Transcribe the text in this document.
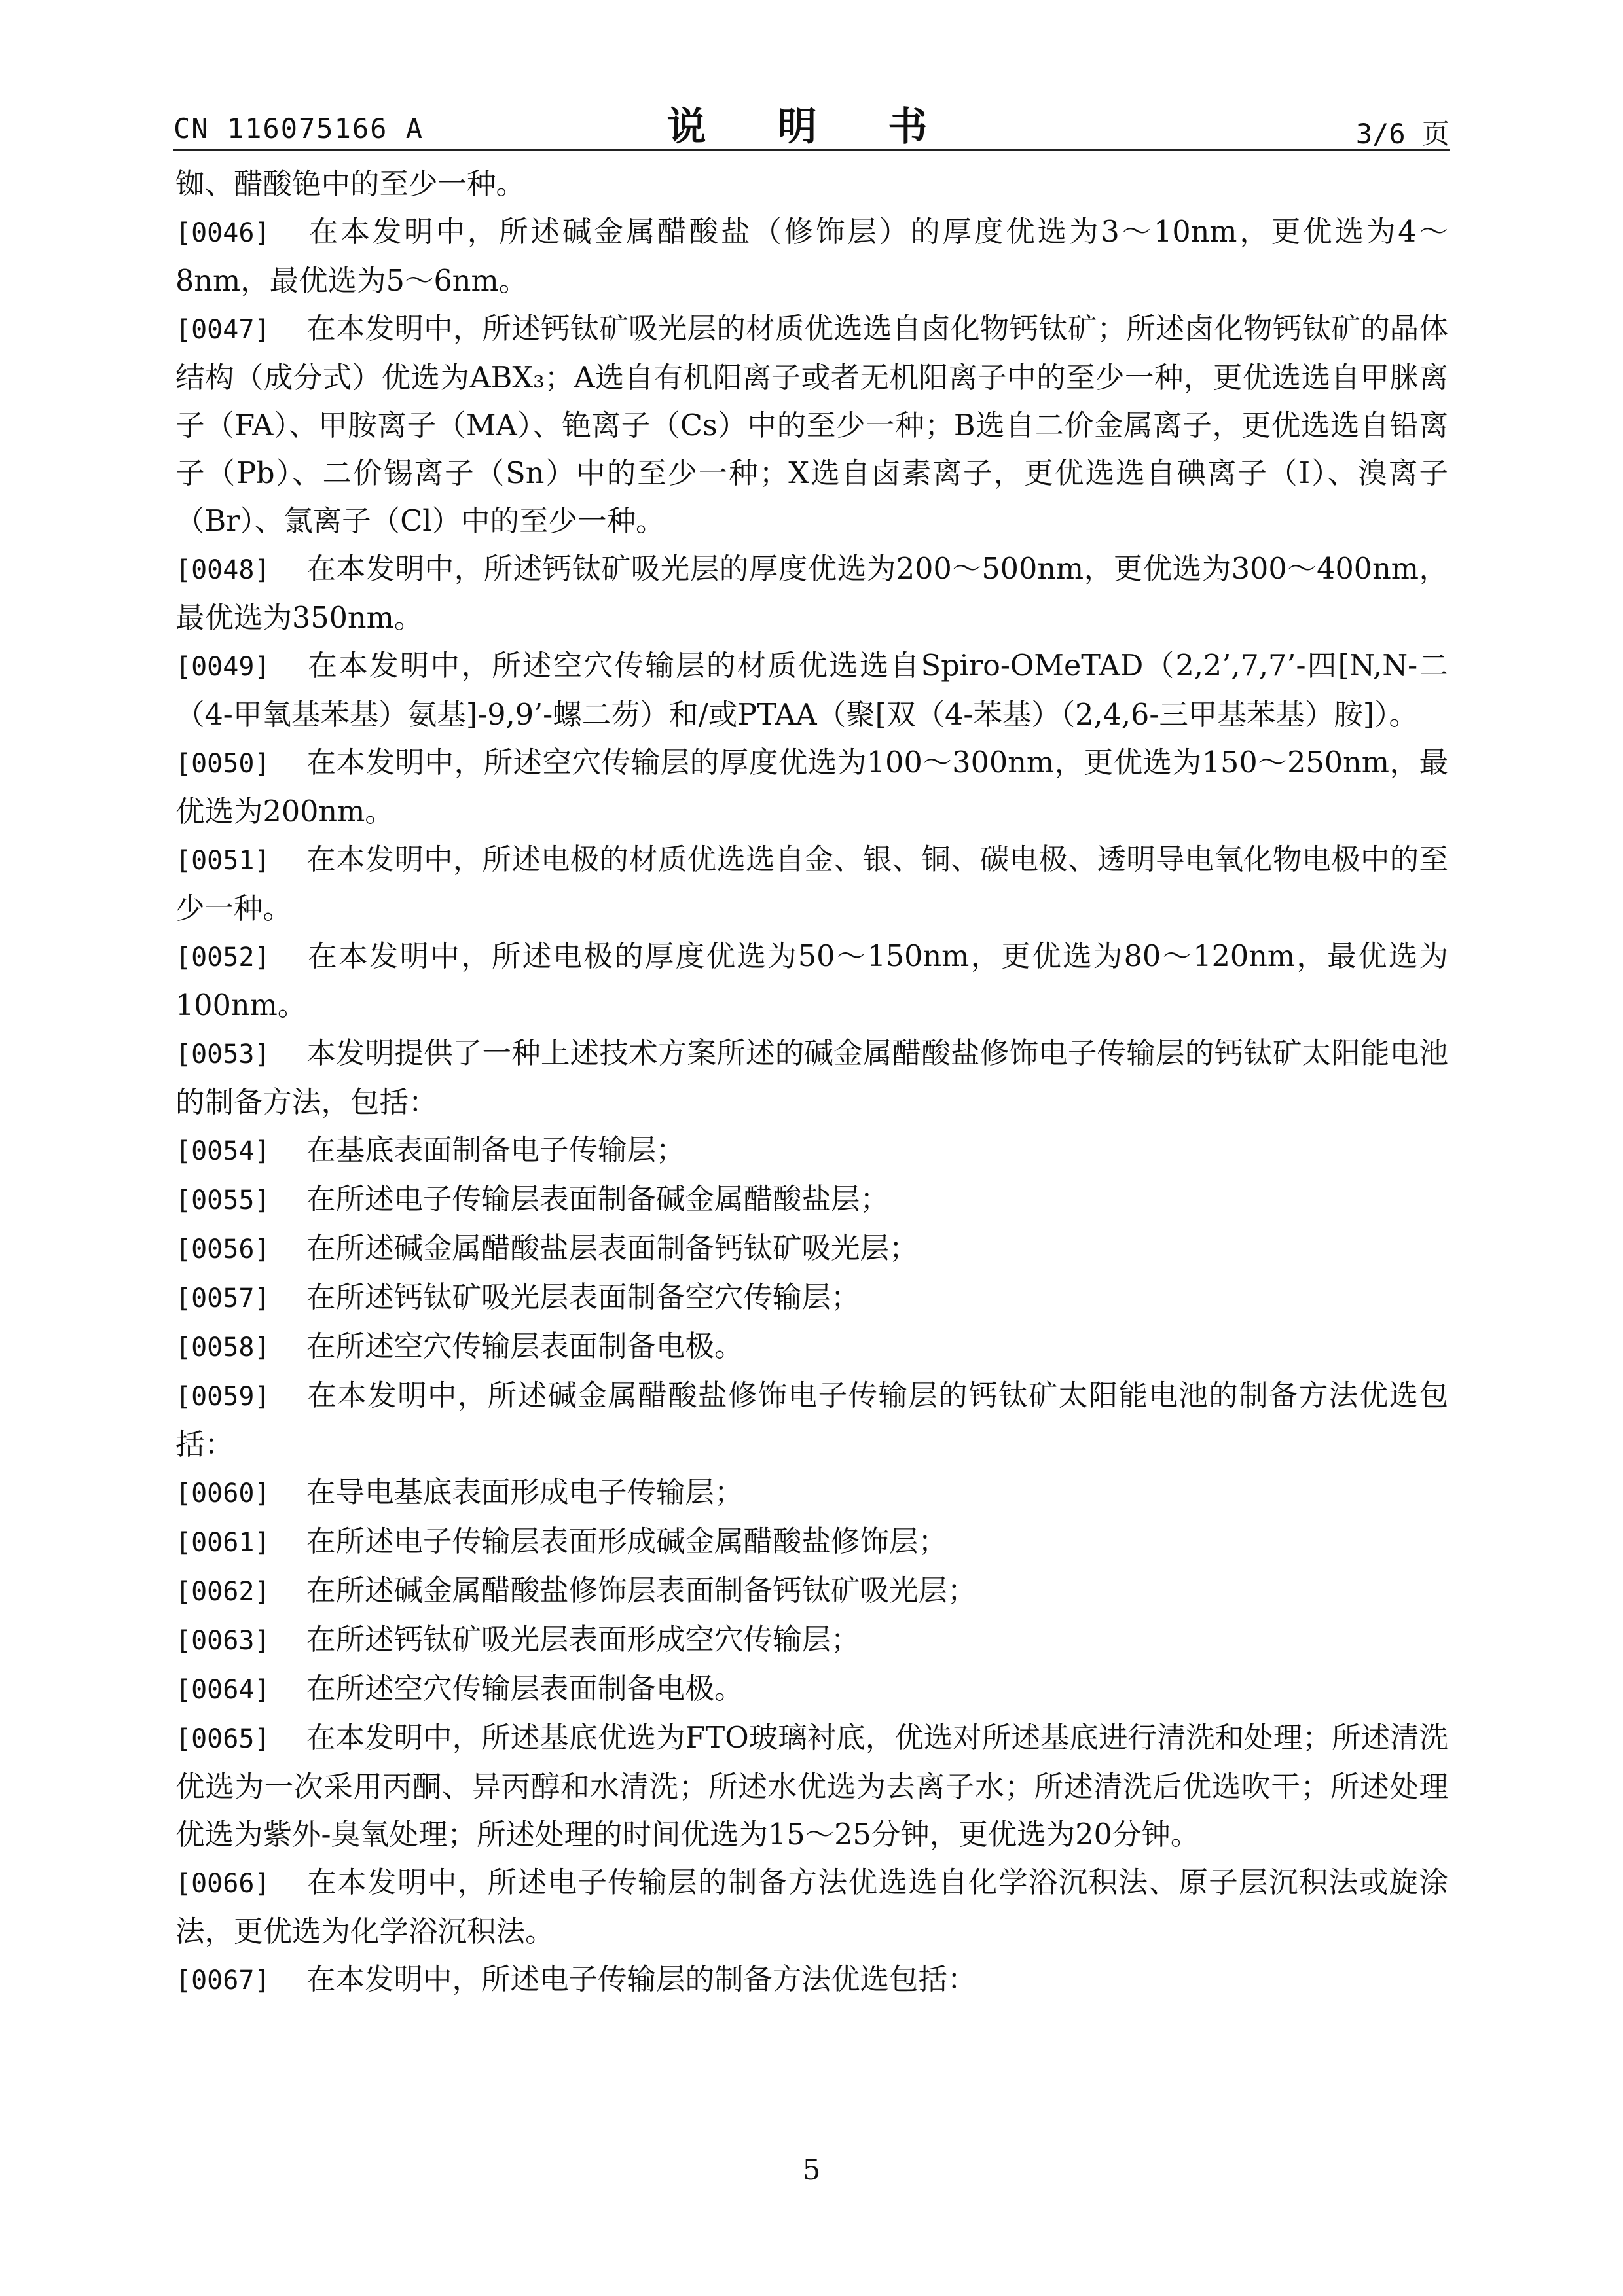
CN 116075166 A	说 明 书	3/6 页

铷、醋酸铯中的至少一种。

[0046] 在本发明中，所述碱金属醋酸盐（修饰层）的厚度优选为3～10nm，更优选为4～8nm，最优选为5～6nm。

[0047] 在本发明中，所述钙钛矿吸光层的材质优选选自卤化物钙钛矿；所述卤化物钙钛矿的晶体结构（成分式）优选为ABX₃；A选自有机阳离子或者无机阳离子中的至少一种，更优选选自甲脒离子（FA）、甲胺离子（MA）、铯离子（Cs）中的至少一种；B选自二价金属离子，更优选选自铅离子（Pb）、二价锡离子（Sn）中的至少一种；X选自卤素离子，更优选选自碘离子（I）、溴离子（Br）、氯离子（Cl）中的至少一种。

[0048] 在本发明中，所述钙钛矿吸光层的厚度优选为200～500nm，更优选为300～400nm，最优选为350nm。

[0049] 在本发明中，所述空穴传输层的材质优选选自Spiro-OMeTAD（2,2’,7,7’-四[N,N-二（4-甲氧基苯基）氨基]-9,9’-螺二芴）和/或PTAA（聚[双（4-苯基）（2,4,6-三甲基苯基）胺]）。

[0050] 在本发明中，所述空穴传输层的厚度优选为100～300nm，更优选为150～250nm，最优选为200nm。

[0051] 在本发明中，所述电极的材质优选选自金、银、铜、碳电极、透明导电氧化物电极中的至少一种。

[0052] 在本发明中，所述电极的厚度优选为50～150nm，更优选为80～120nm，最优选为100nm。

[0053] 本发明提供了一种上述技术方案所述的碱金属醋酸盐修饰电子传输层的钙钛矿太阳能电池的制备方法，包括：

[0054] 在基底表面制备电子传输层；

[0055] 在所述电子传输层表面制备碱金属醋酸盐层；

[0056] 在所述碱金属醋酸盐层表面制备钙钛矿吸光层；

[0057] 在所述钙钛矿吸光层表面制备空穴传输层；

[0058] 在所述空穴传输层表面制备电极。

[0059] 在本发明中，所述碱金属醋酸盐修饰电子传输层的钙钛矿太阳能电池的制备方法优选包括：

[0060] 在导电基底表面形成电子传输层；

[0061] 在所述电子传输层表面形成碱金属醋酸盐修饰层；

[0062] 在所述碱金属醋酸盐修饰层表面制备钙钛矿吸光层；

[0063] 在所述钙钛矿吸光层表面形成空穴传输层；

[0064] 在所述空穴传输层表面制备电极。

[0065] 在本发明中，所述基底优选为FTO玻璃衬底，优选对所述基底进行清洗和处理；所述清洗优选为一次采用丙酮、异丙醇和水清洗；所述水优选为去离子水；所述清洗后优选吹干；所述处理优选为紫外-臭氧处理；所述处理的时间优选为15～25分钟，更优选为20分钟。

[0066] 在本发明中，所述电子传输层的制备方法优选选自化学浴沉积法、原子层沉积法或旋涂法，更优选为化学浴沉积法。

[0067] 在本发明中，所述电子传输层的制备方法优选包括：

5
